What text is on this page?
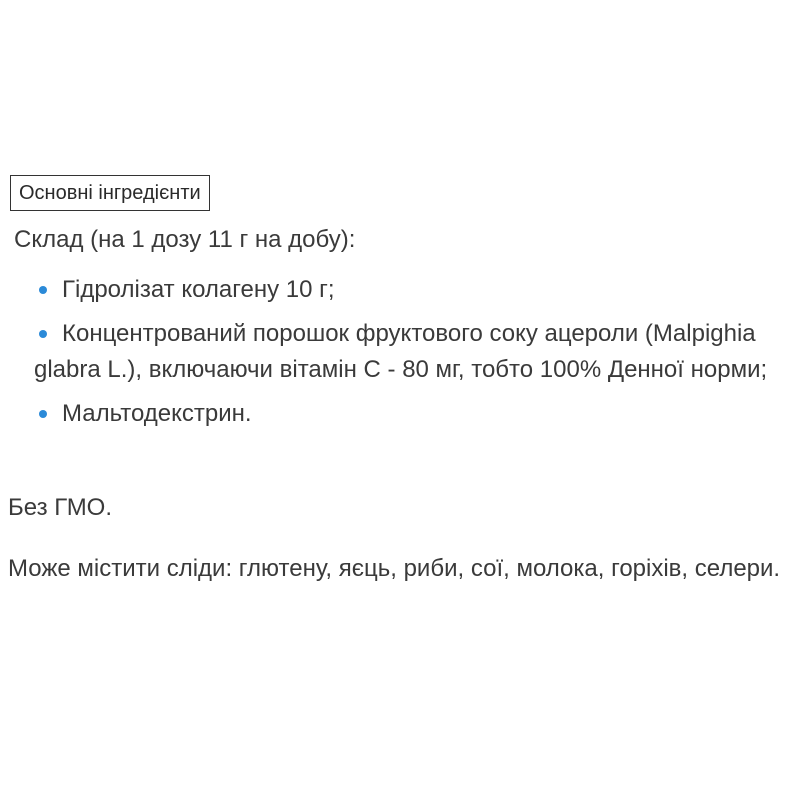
Основні інгредієнти
Склад (на 1 дозу 11 г на добу):
Гідролізат колагену 10 г;
Концентрований порошок фруктового соку ацероли (Malpighia glabra L.), включаючи вітамін С - 80 мг, тобто 100% Денної норми;
Мальтодекстрин.
Без ГМО.
Може містити сліди: глютену, яєць, риби, сої, молока, горіхів, селери.
